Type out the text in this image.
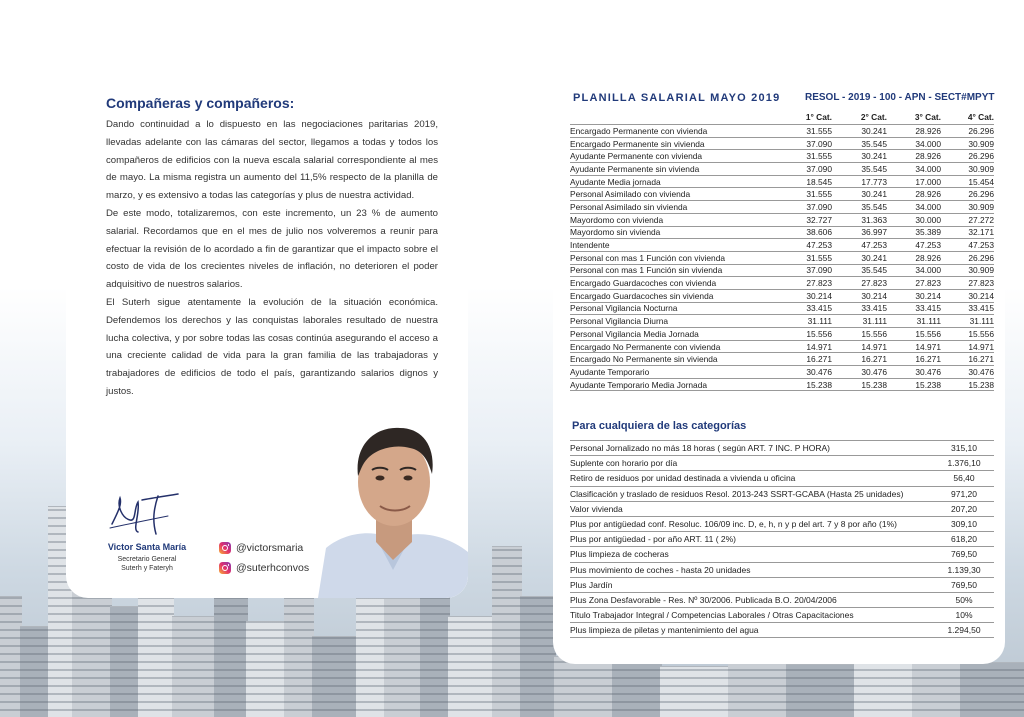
Compañeras y compañeros:

Dando continuidad a lo dispuesto en las negociaciones paritarias 2019, llevadas adelante con las cámaras del sector, llegamos a todas y todos los compañeros de edificios con la nueva escala salarial correspondiente al mes de mayo. La misma registra un aumento del 11,5% respecto de la planilla de marzo, y es extensivo a todas las categorías y plus de nuestra actividad.

De este modo, totalizaremos, con este incremento, un 23 % de aumento salarial. Recordamos que en el mes de julio nos volveremos a reunir para efectuar la revisión de lo acordado a fin de garantizar que el impacto sobre el costo de vida de los crecientes niveles de inflación, no deterioren el poder adquisitivo de nuestros salarios.

El Suterh sigue atentamente la evolución de la situación económica. Defendemos los derechos y las conquistas laborales resultado de nuestra lucha colectiva, y por sobre todas las cosas continúa asegurando el acceso a una creciente calidad de vida para la gran familia de las trabajadoras y trabajadores de edificios de todo el país, garantizando salarios dignos y justos.

Victor Santa María
Secretario General
Suterh y Fateryh
@victorsmaria
@suterhconvos
PLANILLA SALARIAL MAYO 2019 RESOL - 2019 - 100 - APN - SECT#MPYT
	1° Cat.	2° Cat.	3° Cat.	4° Cat.
Encargado Permanente con vivienda	31.555	30.241	28.926	26.296
Encargado Permanente sin vivienda	37.090	35.545	34.000	30.909
Ayudante Permanente con vivienda	31.555	30.241	28.926	26.296
Ayudante Permanente sin vivienda	37.090	35.545	34.000	30.909
Ayudante Media jornada	18.545	17.773	17.000	15.454
Personal Asimilado con vivienda	31.555	30.241	28.926	26.296
Personal Asimilado sin vivienda	37.090	35.545	34.000	30.909
Mayordomo con vivienda	32.727	31.363	30.000	27.272
Mayordomo sin vivienda	38.606	36.997	35.389	32.171
Intendente	47.253	47.253	47.253	47.253
Personal con mas 1 Función con vivienda	31.555	30.241	28.926	26.296
Personal con mas 1 Función sin vivienda	37.090	35.545	34.000	30.909
Encargado Guardacoches con vivienda	27.823	27.823	27.823	27.823
Encargado Guardacoches sin vivienda	30.214	30.214	30.214	30.214
Personal Vigilancia Nocturna	33.415	33.415	33.415	33.415
Personal Vigilancia Diurna	31.111	31.111	31.111	31.111
Personal Vigilancia Media Jornada	15.556	15.556	15.556	15.556
Encargado No Permanente con vivienda	14.971	14.971	14.971	14.971
Encargado No Permanente sin vivienda	16.271	16.271	16.271	16.271
Ayudante Temporario	30.476	30.476	30.476	30.476
Ayudante Temporario Media Jornada	15.238	15.238	15.238	15.238
Para cualquiera de las categorías
Personal Jornalizado no más 18 horas ( según ART. 7 INC. P HORA)	315,10
Suplente con horario por día	1.376,10
Retiro de residuos por unidad destinada a vivienda u oficina	56,40
Clasificación y traslado de residuos Resol. 2013-243 SSRT-GCABA (Hasta 25 unidades)	971,20
Valor vivienda	207,20
Plus por antigüedad conf. Resoluc. 106/09 inc. D, e, h, n y p del art. 7 y 8 por año (1%)	309,10
Plus por antigüedad - por año ART. 11 ( 2%)	618,20
Plus limpieza de cocheras	769,50
Plus movimiento de coches - hasta 20 unidades	1.139,30
Plus Jardín	769,50
Plus Zona Desfavorable - Res. Nº 30/2006. Publicada B.O. 20/04/2006	50%
Titulo Trabajador Integral / Competencias Laborales / Otras Capacitaciones	10%
Plus limpieza de piletas y mantenimiento del agua	1.294,50
